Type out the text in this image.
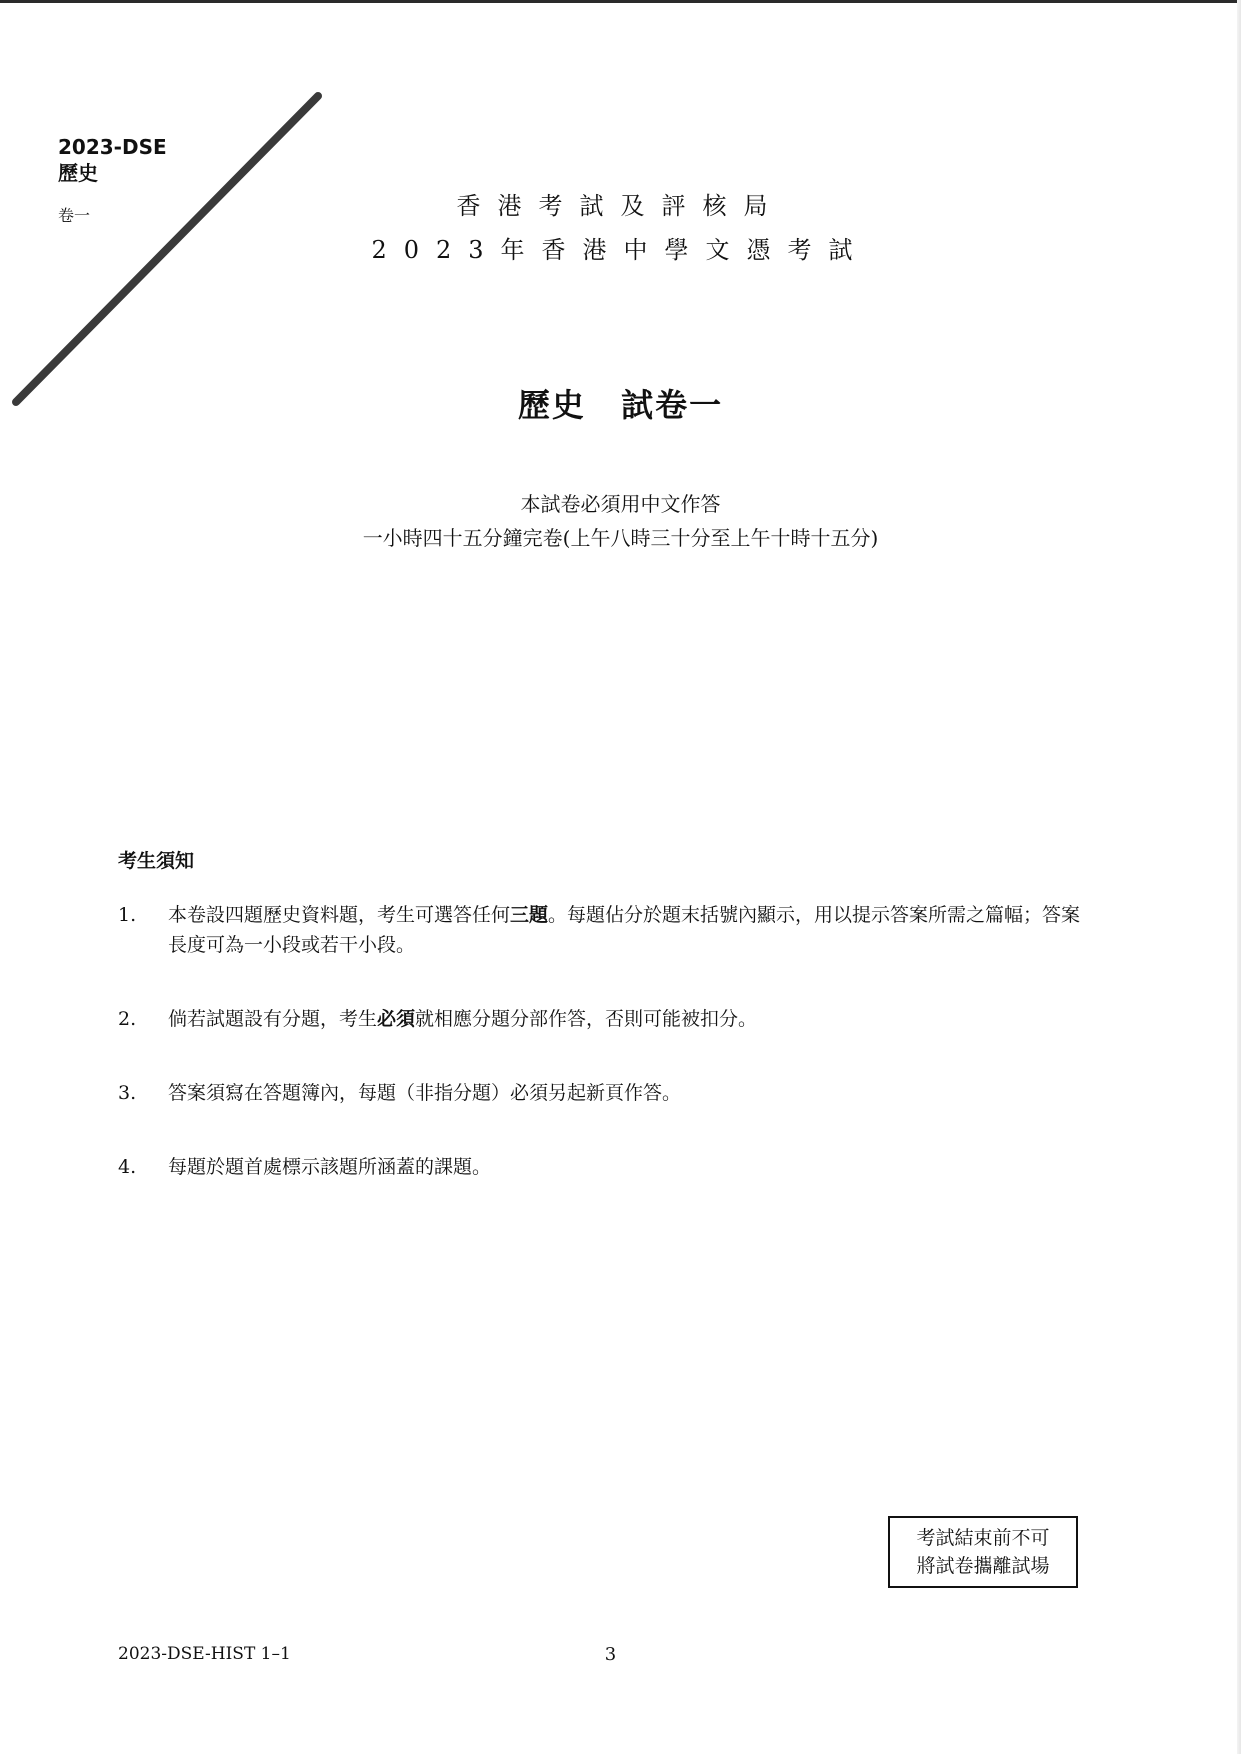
2023-DSE
歷史
卷一	香港考試及評核局
2023年香港中學文憑考試
歷史 試卷一
本試卷必須用中文作答
一小時四十五分鐘完卷(上午八時三十分至上午十時十五分)
考生須知
1. 本卷設四題歷史資料題，考生可選答任何三題。每題佔分於題末括號內顯示，用以提示答案所需之篇幅；答案長度可為一小段或若干小段。
2. 倘若試題設有分題，考生必須就相應分題分部作答，否則可能被扣分。
3. 答案須寫在答題簿內，每題（非指分題）必須另起新頁作答。
4. 每題於題首處標示該題所涵蓋的課題。
考試結束前不可
將試卷攜離試場
2023-DSE-HIST 1–1	3
